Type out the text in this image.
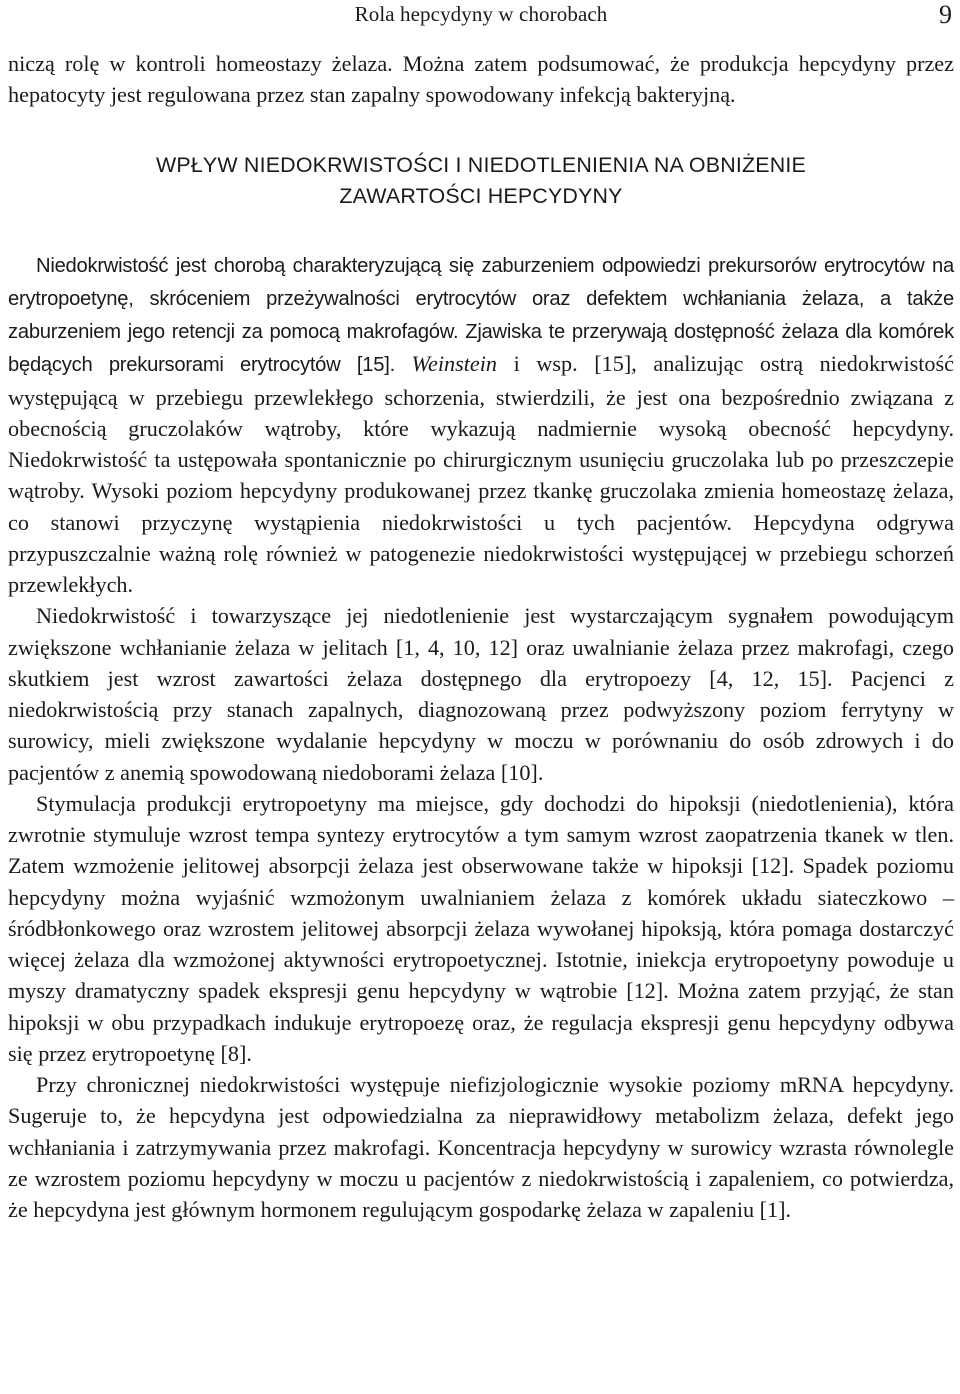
Rola hepcydyny w chorobach	9

niczą rolę w kontroli homeostazy żelaza. Można zatem podsumować, że produkcja hepcydyny przez hepatocyty jest regulowana przez stan zapalny spowodowany infekcją bakteryjną.

WPŁYW NIEDOKRWISTOŚCI I NIEDOTLENIENIA NA OBNIŻENIE
ZAWARTOŚCI HEPCYDYNY

Niedokrwistość jest chorobą charakteryzującą się zaburzeniem odpowiedzi prekursorów erytrocytów na erytropoetynę, skróceniem przeżywalności erytrocytów oraz defektem wchłaniania żelaza, a także zaburzeniem jego retencji za pomocą makrofagów. Zjawiska te przerywają dostępność żelaza dla komórek będących prekursorami erytrocytów [15]. Weinstein i wsp. [15], analizując ostrą niedokrwistość występującą w przebiegu przewlekłego schorzenia, stwierdzili, że jest ona bezpośrednio związana z obecnością gruczolaków wątroby, które wykazują nadmiernie wysoką obecność hepcydyny. Niedokrwistość ta ustępowała spontanicznie po chirurgicznym usunięciu gruczolaka lub po przeszczepie wątroby. Wysoki poziom hepcydyny produkowanej przez tkankę gruczolaka zmienia homeostazę żelaza, co stanowi przyczynę wystąpienia niedokrwistości u tych pacjentów. Hepcydyna odgrywa przypuszczalnie ważną rolę również w patogenezie niedokrwistości występującej w przebiegu schorzeń przewlekłych.

Niedokrwistość i towarzyszące jej niedotlenienie jest wystarczającym sygnałem powodującym zwiększone wchłanianie żelaza w jelitach [1, 4, 10, 12] oraz uwalnianie żelaza przez makrofagi, czego skutkiem jest wzrost zawartości żelaza dostępnego dla erytropoezy [4, 12, 15]. Pacjenci z niedokrwistością przy stanach zapalnych, diagnozowaną przez podwyższony poziom ferrytyny w surowicy, mieli zwiększone wydalanie hepcydyny w moczu w porównaniu do osób zdrowych i do pacjentów z anemią spowodowaną niedoborami żelaza [10].

Stymulacja produkcji erytropoetyny ma miejsce, gdy dochodzi do hipoksji (niedotlenienia), która zwrotnie stymuluje wzrost tempa syntezy erytrocytów a tym samym wzrost zaopatrzenia tkanek w tlen. Zatem wzmożenie jelitowej absorpcji żelaza jest obserwowane także w hipoksji [12]. Spadek poziomu hepcydyny można wyjaśnić wzmożonym uwalnianiem żelaza z komórek układu siateczkowo – śródbłonkowego oraz wzrostem jelitowej absorpcji żelaza wywołanej hipoksją, która pomaga dostarczyć więcej żelaza dla wzmożonej aktywności erytropoetycznej. Istotnie, iniekcja erytropoetyny powoduje u myszy dramatyczny spadek ekspresji genu hepcydyny w wątrobie [12]. Można zatem przyjąć, że stan hipoksji w obu przypadkach indukuje erytropoezę oraz, że regulacja ekspresji genu hepcydyny odbywa się przez erytropoetynę [8].

Przy chronicznej niedokrwistości występuje niefizjologicznie wysokie poziomy mRNA hepcydyny. Sugeruje to, że hepcydyna jest odpowiedzialna za nieprawidłowy metabolizm żelaza, defekt jego wchłaniania i zatrzymywania przez makrofagi. Koncentracja hepcydyny w surowicy wzrasta równolegle ze wzrostem poziomu hepcydyny w moczu u pacjentów z niedokrwistością i zapaleniem, co potwierdza, że hepcydyna jest głównym hormonem regulującym gospodarkę żelaza w zapaleniu [1].
